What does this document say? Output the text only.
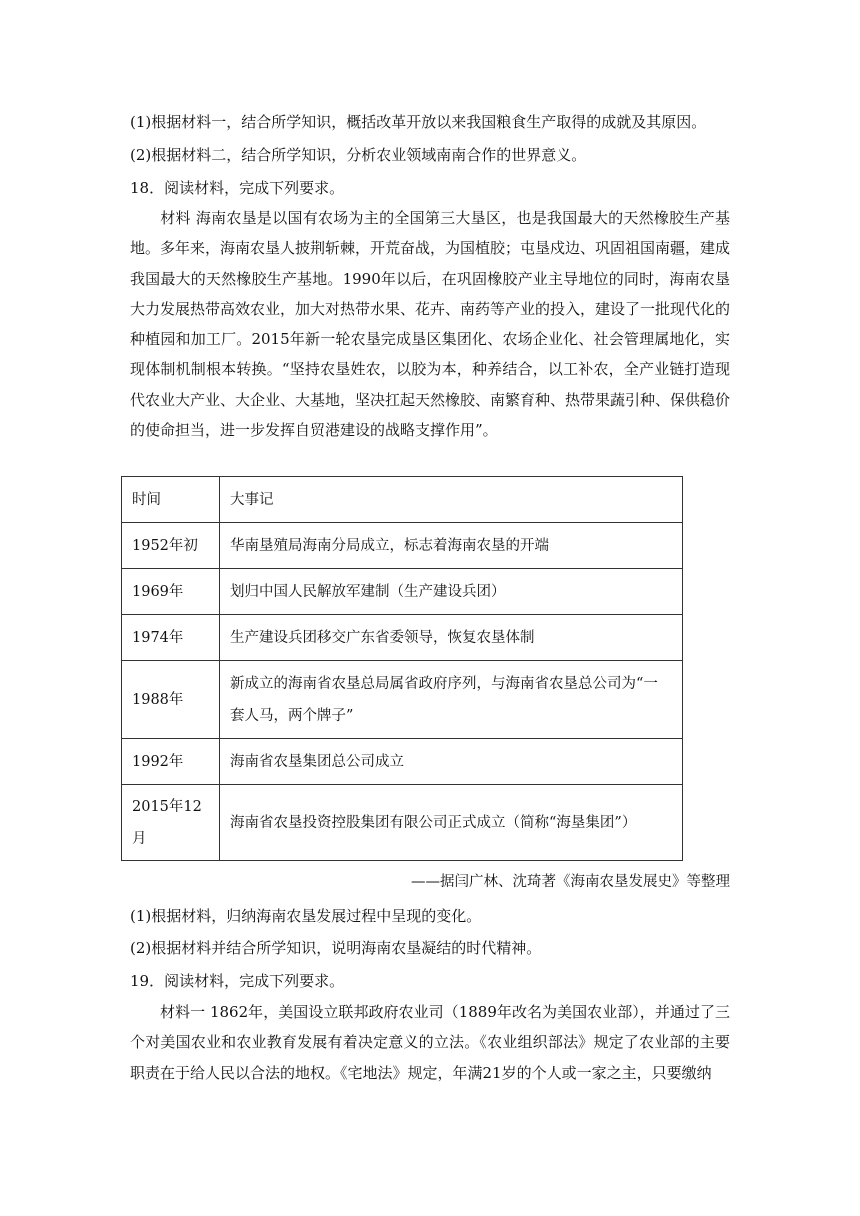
(1)根据材料一，结合所学知识，概括改革开放以来我国粮食生产取得的成就及其原因。
(2)根据材料二，结合所学知识，分析农业领域南南合作的世界意义。
18．阅读材料，完成下列要求。
材料 海南农垦是以国有农场为主的全国第三大垦区，也是我国最大的天然橡胶生产基地。多年来，海南农垦人披荆斩棘，开荒奋战，为国植胶；屯垦戍边、巩固祖国南疆，建成我国最大的天然橡胶生产基地。1990年以后，在巩固橡胶产业主导地位的同时，海南农垦大力发展热带高效农业，加大对热带水果、花卉、南药等产业的投入，建设了一批现代化的种植园和加工厂。2015年新一轮农垦完成垦区集团化、农场企业化、社会管理属地化，实现体制机制根本转换。“坚持农垦姓农，以胶为本，种养结合，以工补农，全产业链打造现代农业大产业、大企业、大基地，坚决扛起天然橡胶、南繁育种、热带果蔬引种、保供稳价的使命担当，进一步发挥自贸港建设的战略支撑作用”。
时间	大事记
1952年初	华南垦殖局海南分局成立，标志着海南农垦的开端
1969年	划归中国人民解放军建制（生产建设兵团）
1974年	生产建设兵团移交广东省委领导，恢复农垦体制
1988年	新成立的海南省农垦总局属省政府序列，与海南省农垦总公司为“一套人马，两个牌子”
1992年	海南省农垦集团总公司成立
2015年12月	海南省农垦投资控股集团有限公司正式成立（简称“海垦集团”）
——据闫广林、沈琦著《海南农垦发展史》等整理
(1)根据材料，归纳海南农垦发展过程中呈现的变化。
(2)根据材料并结合所学知识，说明海南农垦凝结的时代精神。
19．阅读材料，完成下列要求。
材料一 1862年，美国设立联邦政府农业司（1889年改名为美国农业部），并通过了三个对美国农业和农业教育发展有着决定意义的立法。《农业组织部法》规定了农业部的主要职责在于给人民以合法的地权。《宅地法》规定，年满21岁的个人或一家之主，只要缴纳
